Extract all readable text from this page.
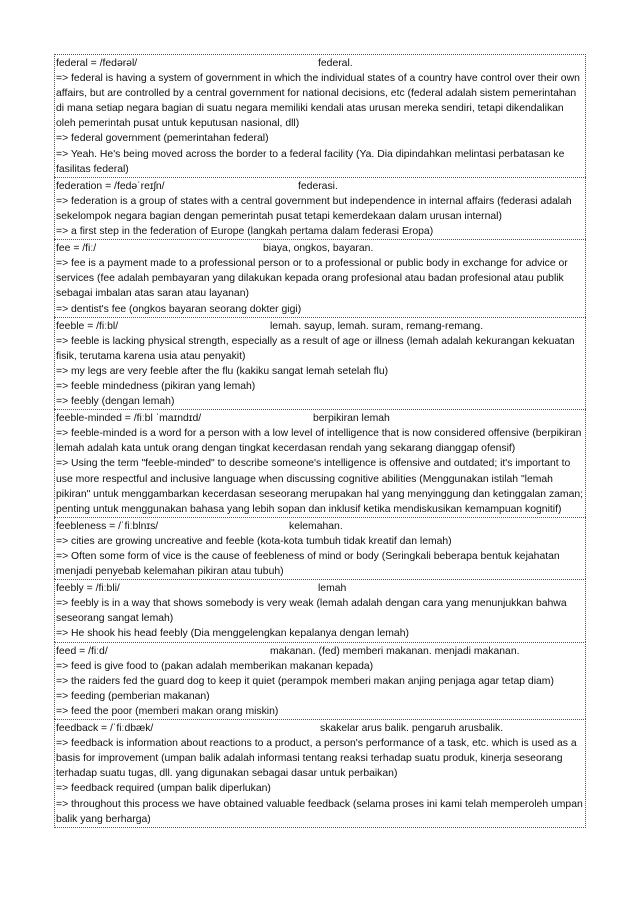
federal = /fedərəl/	federal.

=> federal is having a system of government in which the individual states of a country have control over their own affairs, but are controlled by a central government for national decisions, etc (federal adalah sistem pemerintahan di mana setiap negara bagian di suatu negara memiliki kendali atas urusan mereka sendiri, tetapi dikendalikan oleh pemerintah pusat untuk keputusan nasional, dll)

=> federal government (pemerintahan federal)

=> Yeah. He's being moved across the border to a federal facility (Ya. Dia dipindahkan melintasi perbatasan ke fasilitas federal)

federation = /fedəˈreɪʃn/	federasi.

=> federation is a group of states with a central government but independence in internal affairs (federasi adalah sekelompok negara bagian dengan pemerintah pusat tetapi kemerdekaan dalam urusan internal)

=> a first step in the federation of Europe (langkah pertama dalam federasi Eropa)

fee = /fiː/	biaya, ongkos, bayaran.

=> fee is a payment made to a professional person or to a professional or public body in exchange for advice or services (fee adalah pembayaran yang dilakukan kepada orang profesional atau badan profesional atau publik sebagai imbalan atas saran atau layanan)

=> dentist's fee (ongkos bayaran seorang dokter gigi)

feeble = /fiːbl/	lemah. sayup, lemah. suram, remang-remang.

=> feeble is lacking physical strength, especially as a result of age or illness (lemah adalah kekurangan kekuatan fisik, terutama karena usia atau penyakit)

=> my legs are very feeble after the flu (kakiku sangat lemah setelah flu)

=> feeble mindedness (pikiran yang lemah)

=> feebly (dengan lemah)

feeble-minded = /fiːbl ˈmaɪndɪd/	berpikiran lemah

=> feeble-minded is a word for a person with a low level of intelligence that is now considered offensive (berpikiran lemah adalah kata untuk orang dengan tingkat kecerdasan rendah yang sekarang dianggap ofensif)

=> Using the term "feeble-minded" to describe someone's intelligence is offensive and outdated; it's important to use more respectful and inclusive language when discussing cognitive abilities (Menggunakan istilah "lemah pikiran" untuk menggambarkan kecerdasan seseorang merupakan hal yang menyinggung dan ketinggalan zaman; penting untuk menggunakan bahasa yang lebih sopan dan inklusif ketika mendiskusikan kemampuan kognitif)

feebleness = /ˈfiːblnɪs/	kelemahan.

=> cities are growing uncreative and feeble (kota-kota tumbuh tidak kreatif dan lemah)

=> Often some form of vice is the cause of feebleness of mind or body (Seringkali beberapa bentuk kejahatan menjadi penyebab kelemahan pikiran atau tubuh)

feebly = /fiːbli/	lemah

=> feebly is in a way that shows somebody is very weak (lemah adalah dengan cara yang menunjukkan bahwa seseorang sangat lemah)

=> He shook his head feebly (Dia menggelengkan kepalanya dengan lemah)

feed = /fiːd/	makanan. (fed) memberi makanan. menjadi makanan.

=> feed is give food to (pakan adalah memberikan makanan kepada)

=> the raiders fed the guard dog to keep it quiet (perampok memberi makan anjing penjaga agar tetap diam)

=> feeding (pemberian makanan)

=> feed the poor (memberi makan orang miskin)

feedback = /ˈfiːdbæk/	skakelar arus balik. pengaruh arusbalik.

=> feedback is information about reactions to a product, a person's performance of a task, etc. which is used as a basis for improvement (umpan balik adalah informasi tentang reaksi terhadap suatu produk, kinerja seseorang terhadap suatu tugas, dll. yang digunakan sebagai dasar untuk perbaikan)

=> feedback required (umpan balik diperlukan)

=> throughout this process we have obtained valuable feedback (selama proses ini kami telah memperoleh umpan balik yang berharga)
